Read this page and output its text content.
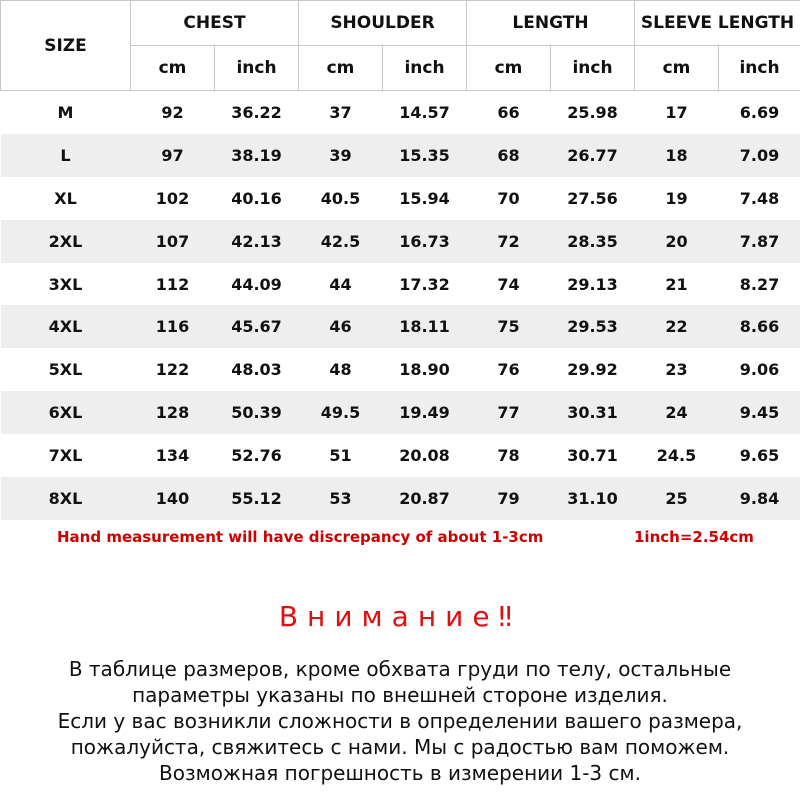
SIZE	CHEST		SHOULDER		LENGTH		SLEEVE LENGTH	
	cm	inch	cm	inch	cm	inch	cm	inch
M	92	36.22	37	14.57	66	25.98	17	6.69
L	97	38.19	39	15.35	68	26.77	18	7.09
XL	102	40.16	40.5	15.94	70	27.56	19	7.48
2XL	107	42.13	42.5	16.73	72	28.35	20	7.87
3XL	112	44.09	44	17.32	74	29.13	21	8.27
4XL	116	45.67	46	18.11	75	29.53	22	8.66
5XL	122	48.03	48	18.90	76	29.92	23	9.06
6XL	128	50.39	49.5	19.49	77	30.31	24	9.45
7XL	134	52.76	51	20.08	78	30.71	24.5	9.65
8XL	140	55.12	53	20.87	79	31.10	25	9.84
Hand measurement will have discrepancy of about 1-3cm	1inch=2.54cm
Внимание‼
В таблице размеров, кроме обхвата груди по телу, остальные
параметры указаны по внешней стороне изделия.
Если у вас возникли сложности в определении вашего размера,
пожалуйста, свяжитесь с нами. Мы с радостью вам поможем.
Возможная погрешность в измерении 1-3 см.
